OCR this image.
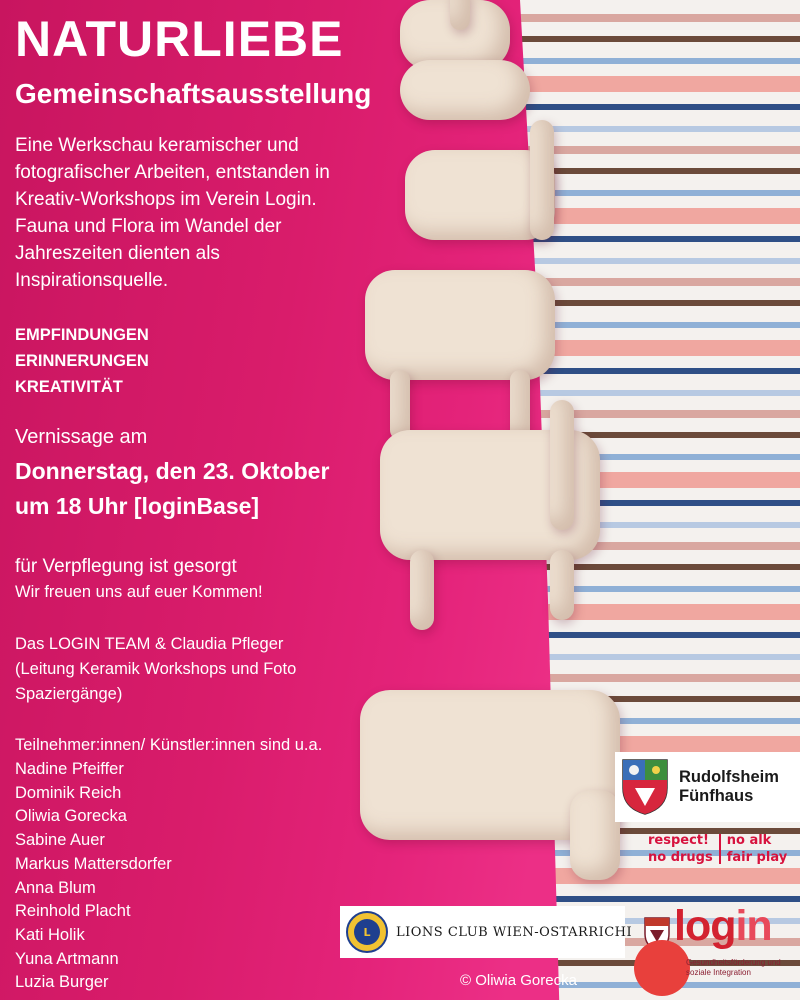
NATURLIEBE
Gemeinschaftsausstellung
Eine Werkschau keramischer und
fotografischer Arbeiten, entstanden in
Kreativ-Workshops im Verein Login.
Fauna und Flora im Wandel der
Jahreszeiten dienten als
Inspirationsquelle.
EMPFINDUNGEN
ERINNERUNGEN
KREATIVITÄT
Vernissage am
Donnerstag, den 23. Oktober
um 18 Uhr [loginBase]
für Verpflegung ist gesorgt
Wir freuen uns auf euer Kommen!
Das LOGIN TEAM & Claudia Pfleger
(Leitung Keramik Workshops und Foto
Spaziergänge)
Teilnehmer:innen/ Künstler:innen sind u.a.
Nadine Pfeiffer
Dominik Reich
Oliwia Gorecka
Sabine Auer
Markus Mattersdorfer
Anna Blum
Reinhold Placht
Kati Holik
Yuna Artmann
Luzia Burger
Rudolfsheim
Fünfhaus
respect!
no drugs
no alk
fair play
L LIONS CLUB WIEN-OSTARRICHI login
Gesundheitsförderung und soziale Integration
© Oliwia Gorecka
